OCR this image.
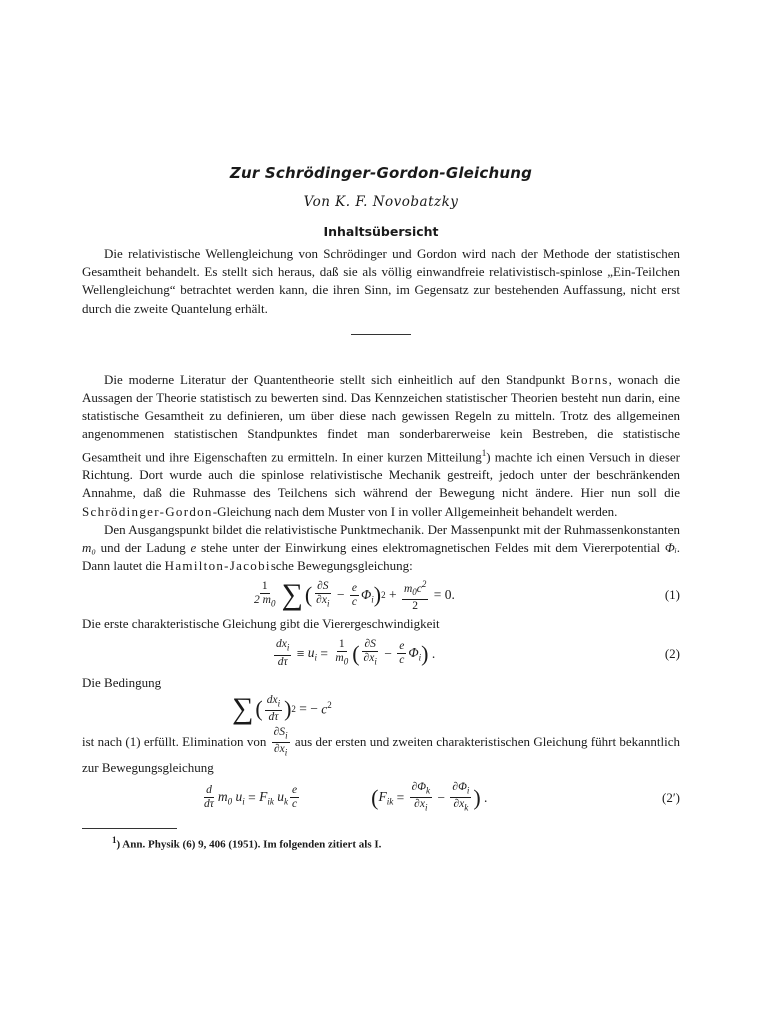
Zur Schrödinger-Gordon-Gleichung
Von K. F. Novobatzky
Inhaltsübersicht

Die relativistische Wellengleichung von Schrödinger und Gordon wird nach der Methode der statistischen Gesamtheit behandelt. Es stellt sich heraus, daß sie als völlig einwandfreie relativistisch-spinlose „Ein-Teilchen Wellengleichung“ betrachtet werden kann, die ihren Sinn, im Gegensatz zur bestehenden Auffassung, nicht erst durch die zweite Quantelung erhält.

Die moderne Literatur der Quantentheorie stellt sich einheitlich auf den Standpunkt Borns, wonach die Aussagen der Theorie statistisch zu bewerten sind. Das Kennzeichen statistischer Theorien besteht nun darin, eine statistische Gesamtheit zu definieren, um über diese nach gewissen Regeln zu mitteln. Trotz des allgemeinen angenommenen statistischen Standpunktes findet man sonderbarerweise kein Bestreben, die statistische Gesamtheit und ihre Eigenschaften zu ermitteln. In einer kurzen Mitteilung$^1$) machte ich einen Versuch in dieser Richtung. Dort wurde auch die spinlose relativistische Mechanik gestreift, jedoch unter der beschränkenden Annahme, daß die Ruhmasse des Teilchens sich während der Bewegung nicht ändere. Hier nun soll die Schrödinger-Gordon-Gleichung nach dem Muster von I in voller Allgemeinheit behandelt werden.

Den Ausgangspunkt bildet die relativistische Punktmechanik. Der Massenpunkt mit der Ruhmassenkonstanten m₀ und der Ladung e stehe unter der Einwirkung eines elektromagnetischen Feldes mit dem Viererpotential Φᵢ. Dann lautet die Hamilton-Jacobische Bewegungsgleichung:

$\frac{1}{2 m_0}$ ∑ ( $\frac{\partial S}{\partial x_i} - \frac{e}{c} \Phi_i$ ) $2 + \frac{m_0c^2}{2} = 0$.	(1)

Die erste charakteristische Gleichung gibt die Vierergeschwindigkeit

$\frac{dx_i}{d\tau} \equiv u_i = \frac{1}{m_0}$ ( $\frac{\partial S}{\partial x_i} - \frac{e}{c} \Phi_i$ ) .	(2)

Die Bedingung

∑ ( $\frac{dx_i}{d\tau}$ ) 2 = − $c^2$

ist nach (1) erfüllt. Elimination von $\frac{\partial S_i}{\partial x_i}$ aus der ersten und zweiten charakteristischen Gleichung führt bekanntlich zur Bewegungsgleichung

$\frac{d}{d\tau} m_0$ $u_i = F_{ik}$ $u_k \frac{e}{c}$	( $F_{ik} = \frac{\partial\Phi_k}{\partial x_i} - \frac{\partial\Phi_i}{\partial x_k}$ ) .	(2′)
$^1$) Ann. Physik (6) 9, 406 (1951). Im folgenden zitiert als I.
